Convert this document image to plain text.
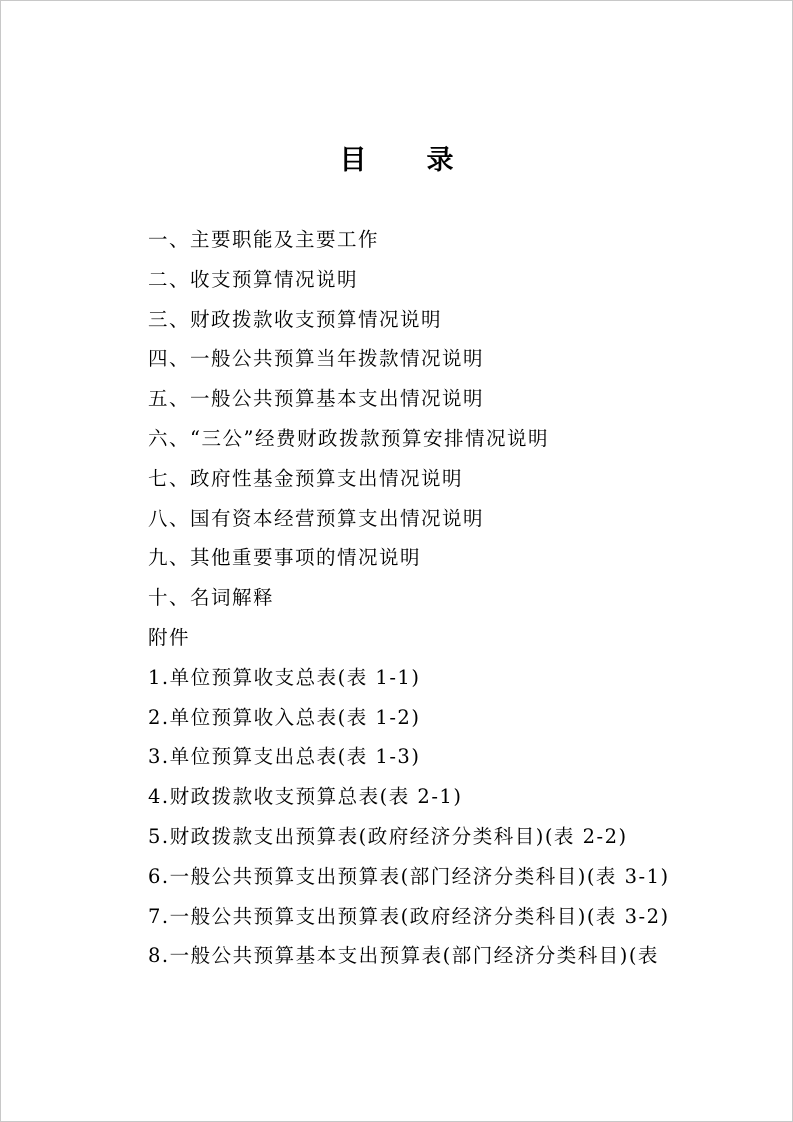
目录
一、主要职能及主要工作
二、收支预算情况说明
三、财政拨款收支预算情况说明
四、一般公共预算当年拨款情况说明
五、一般公共预算基本支出情况说明
六、“三公”经费财政拨款预算安排情况说明
七、政府性基金预算支出情况说明
八、国有资本经营预算支出情况说明
九、其他重要事项的情况说明
十、名词解释
附件
1.单位预算收支总表(表 1-1)
2.单位预算收入总表(表 1-2)
3.单位预算支出总表(表 1-3)
4.财政拨款收支预算总表(表 2-1)
5.财政拨款支出预算表(政府经济分类科目)(表 2-2)
6.一般公共预算支出预算表(部门经济分类科目)(表 3-1)
7.一般公共预算支出预算表(政府经济分类科目)(表 3-2)
8.一般公共预算基本支出预算表(部门经济分类科目)(表
